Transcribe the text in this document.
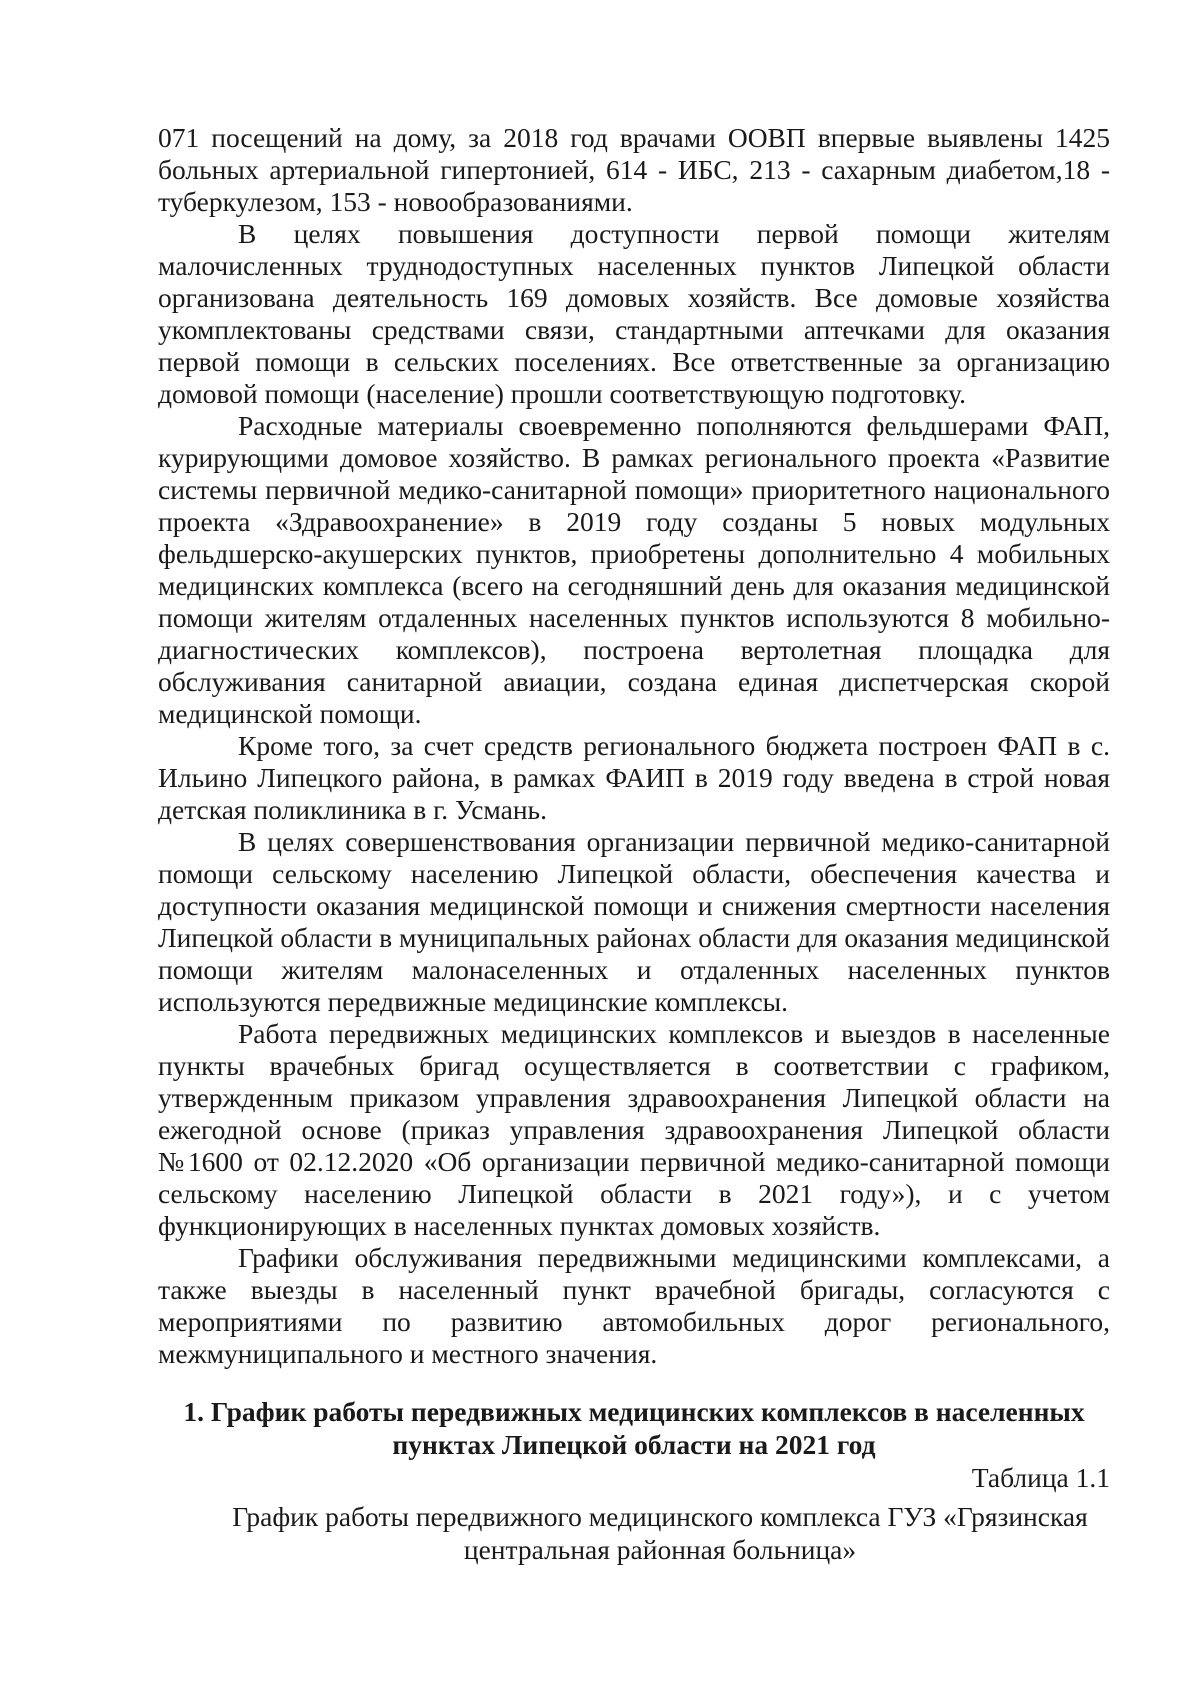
071 посещений на дому, за 2018 год врачами ООВП впервые выявлены 1425 больных артериальной гипертонией, 614 - ИБС, 213 - сахарным диабетом,18 - туберкулезом, 153 - новообразованиями.

В целях повышения доступности первой помощи жителям малочисленных труднодоступных населенных пунктов Липецкой области организована деятельность 169 домовых хозяйств. Все домовые хозяйства укомплектованы средствами связи, стандартными аптечками для оказания первой помощи в сельских поселениях. Все ответственные за организацию домовой помощи (население) прошли соответствующую подготовку.

Расходные материалы своевременно пополняются фельдшерами ФАП, курирующими домовое хозяйство. В рамках регионального проекта «Развитие системы первичной медико-санитарной помощи» приоритетного национального проекта «Здравоохранение» в 2019 году созданы 5 новых модульных фельдшерско-акушерских пунктов, приобретены дополнительно 4 мобильных медицинских комплекса (всего на сегодняшний день для оказания медицинской помощи жителям отдаленных населенных пунктов используются 8 мобильно-диагностических комплексов), построена вертолетная площадка для обслуживания санитарной авиации, создана единая диспетчерская скорой медицинской помощи.

Кроме того, за счет средств регионального бюджета построен ФАП в с. Ильино Липецкого района, в рамках ФАИП в 2019 году введена в строй новая детская поликлиника в г. Усмань.

В целях совершенствования организации первичной медико-санитарной помощи сельскому населению Липецкой области, обеспечения качества и доступности оказания медицинской помощи и снижения смертности населения Липецкой области в муниципальных районах области для оказания медицинской помощи жителям малонаселенных и отдаленных населенных пунктов используются передвижные медицинские комплексы.

Работа передвижных медицинских комплексов и выездов в населенные пункты врачебных бригад осуществляется в соответствии с графиком, утвержденным приказом управления здравоохранения Липецкой области на ежегодной основе (приказ управления здравоохранения Липецкой области №1600 от 02.12.2020 «Об организации первичной медико-санитарной помощи сельскому населению Липецкой области в 2021 году»), и с учетом функционирующих в населенных пунктах домовых хозяйств.

Графики обслуживания передвижными медицинскими комплексами, а также выезды в населенный пункт врачебной бригады, согласуются с мероприятиями по развитию автомобильных дорог регионального, межмуниципального и местного значения.

1. График работы передвижных медицинских комплексов в населенных пунктах Липецкой области на 2021 год
Таблица 1.1
График работы передвижного медицинского комплекса ГУЗ «Грязинская центральная районная больница»
